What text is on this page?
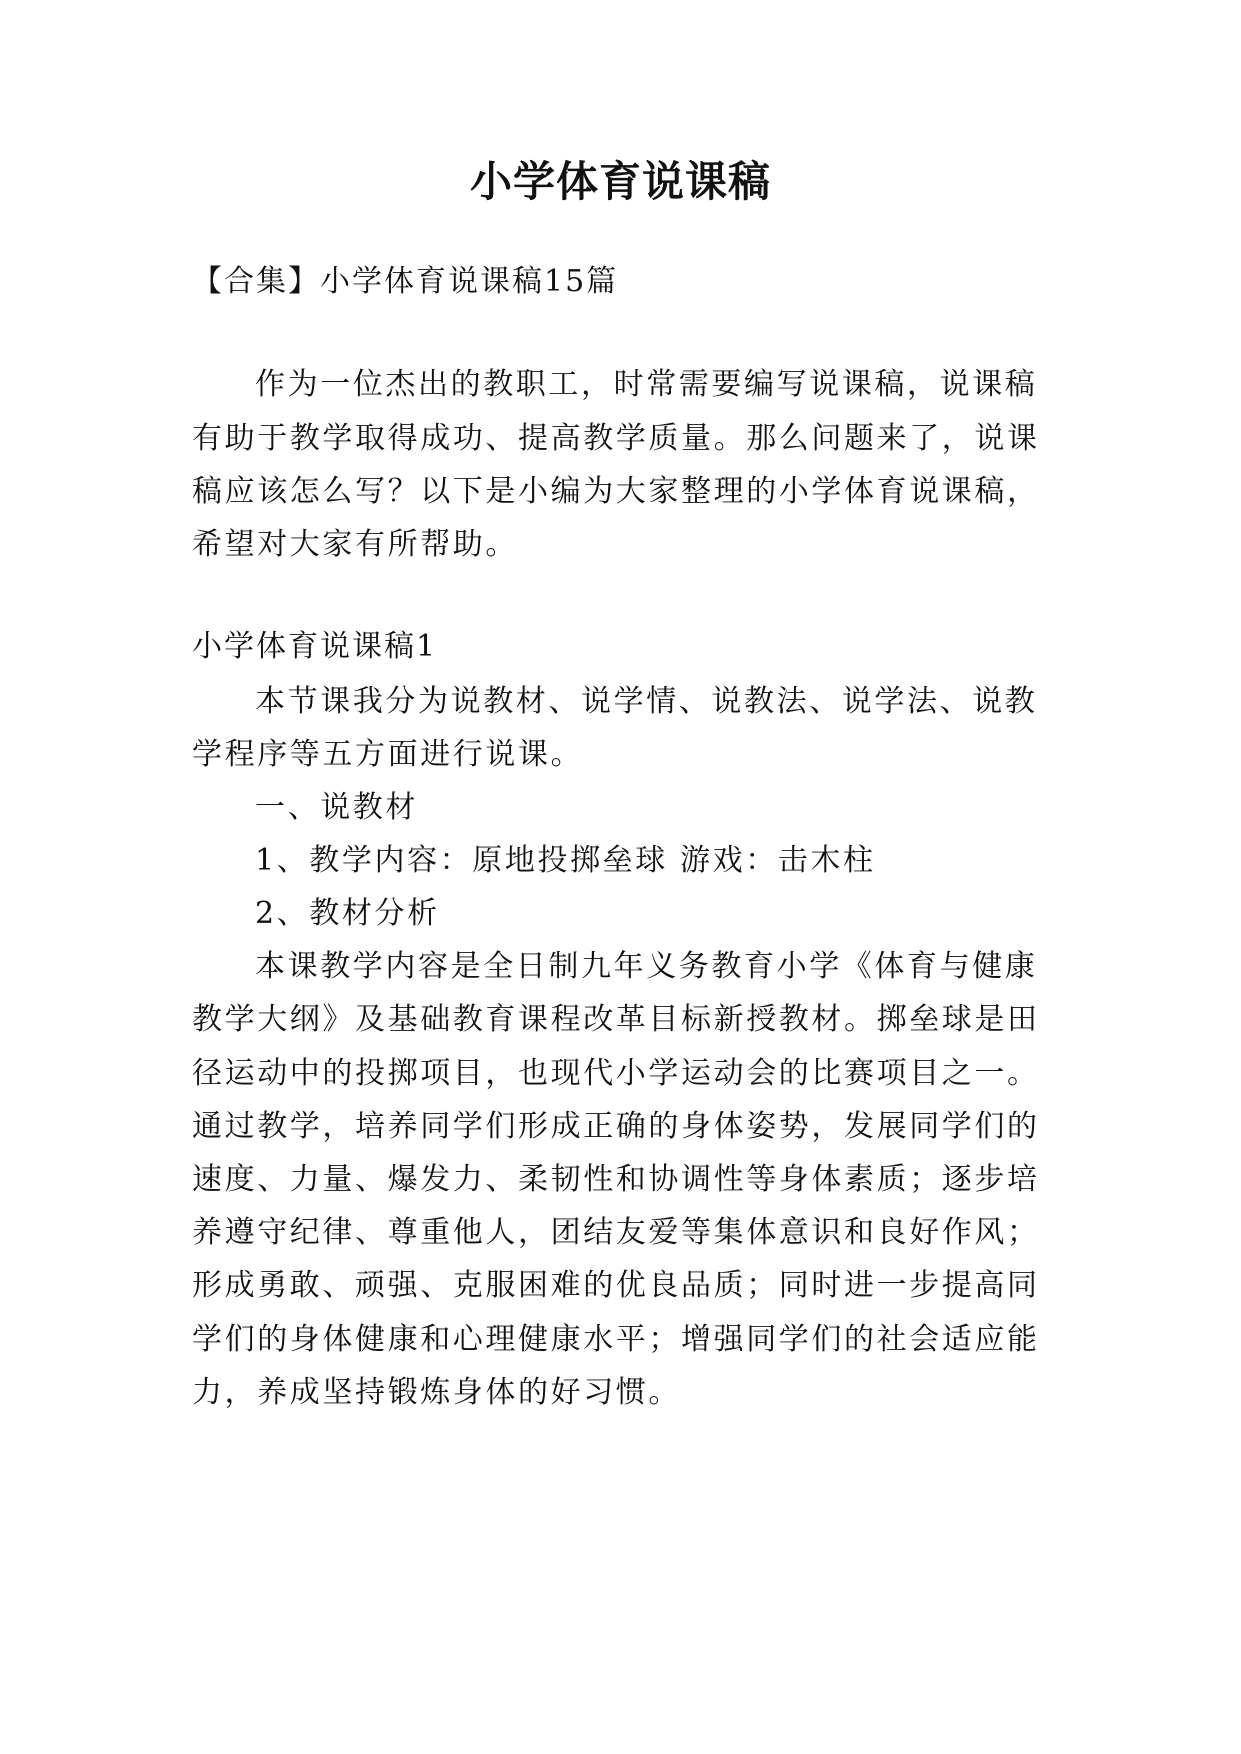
小学体育说课稿

【合集】小学体育说课稿15篇

作为一位杰出的教职工，时常需要编写说课稿，说课稿

有助于教学取得成功、提高教学质量。那么问题来了，说课

稿应该怎么写？以下是小编为大家整理的小学体育说课稿，

希望对大家有所帮助。

小学体育说课稿1

本节课我分为说教材、说学情、说教法、说学法、说教

学程序等五方面进行说课。

一、说教材

1、教学内容：原地投掷垒球 游戏：击木柱

2、教材分析

本课教学内容是全日制九年义务教育小学《体育与健康

教学大纲》及基础教育课程改革目标新授教材。掷垒球是田

径运动中的投掷项目，也现代小学运动会的比赛项目之一。

通过教学，培养同学们形成正确的身体姿势，发展同学们的

速度、力量、爆发力、柔韧性和协调性等身体素质；逐步培

养遵守纪律、尊重他人，团结友爱等集体意识和良好作风；

形成勇敢、顽强、克服困难的优良品质；同时进一步提高同

学们的身体健康和心理健康水平；增强同学们的社会适应能

力，养成坚持锻炼身体的好习惯。
